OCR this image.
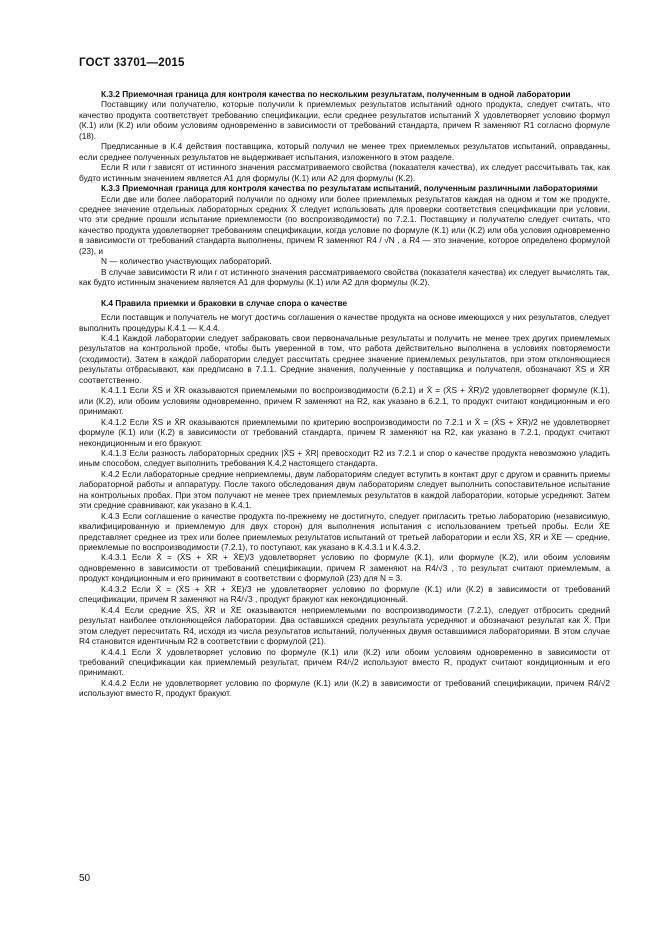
ГОСТ 33701—2015

К.3.2 Приемочная граница для контроля качества по нескольким результатам, полученным в одной лаборатории

Поставщику или получателю, которые получили k приемлемых результатов испытаний одного продукта, следует считать, что качество продукта соответствует требованию спецификации, если среднее результатов испытаний X̄ удовлетворяет условию формул (К.1) или (К.2) или обоим условиям одновременно в зависимости от требований стандарта, причем R заменяют R1 согласно формуле (18).

Предписанные в К.4 действия поставщика, который получил не менее трех приемлемых результатов испытаний, оправданны, если среднее полученных результатов не выдерживает испытания, изложенного в этом разделе.

Если R или r зависят от истинного значения рассматриваемого свойства (показателя качества), их следует рассчитывать так, как будто истинным значением является A1 для формулы (К.1) или A2 для формулы (К.2).

К.3.3 Приемочная граница для контроля качества по результатам испытаний, полученным различными лабораториями

Если две или более лабораторий получили по одному или более приемлемых результатов каждая на одном и том же продукте, среднее значение отдельных лабораторных средних X̄ следует использовать для проверки соответствия спецификации при условии, что эти средние прошли испытание приемлемости (по воспроизводимости) по 7.2.1. Поставщику и получателю следует считать, что качество продукта удовлетворяет требованиям спецификации, когда условие по формуле (К.1) или (К.2) или оба условия одновременно в зависимости от требований стандарта выполнены, причем R заменяют R4 / √N , а R4 — это значение, которое определено формулой (23), и

N — количество участвующих лабораторий.

В случае зависимости R или r от истинного значения рассматриваемого свойства (показателя качества) их следует вычислять так, как будто истинным значением является A1 для формулы (К.1) или A2 для формулы (К.2).

К.4 Правила приемки и браковки в случае спора о качестве

Если поставщик и получатель не могут достичь соглашения о качестве продукта на основе имеющихся у них результатов, следует выполнить процедуры К.4.1 — К.4.4.

К.4.1 Каждой лаборатории следует забраковать свои первоначальные результаты и получить не менее трех других приемлемых результатов на контрольной пробе, чтобы быть уверенной в том, что работа действительно выполнена в условиях повторяемости (сходимости). Затем в каждой лаборатории следует рассчитать среднее значение приемлемых результатов, при этом отклоняющиеся результаты отбрасывают, как предписано в 7.1.1. Средние значения, полученные у поставщика и получателя, обозначают X̄S и X̄R соответственно.

К.4.1.1 Если X̄S и X̄R оказываются приемлемыми по воспроизводимости (6.2.1) и X̄ = (X̄S + X̄R)/2 удовлетворяет формуле (К.1), или (К.2), или обоим условиям одновременно, причем R заменяют на R2, как указано в 6.2.1, то продукт считают кондиционным и его принимают.

К.4.1.2 Если X̄S и X̄R оказываются приемлемыми по критерию воспроизводимости по 7.2.1 и X̄ = (X̄S + X̄R)/2 не удовлетворяет формуле (К.1) или (К.2) в зависимости от требований стандарта, причем R заменяют на R2, как указано в 7.2.1, продукт считают некондиционным и его бракуют.

К.4.1.3 Если разность лабораторных средних |X̄S + X̄R| превосходит R2 из 7.2.1 и спор о качестве продукта невозможно уладить иным способом, следует выполнить требования К.4.2 настоящего стандарта.

К.4.2 Если лабораторные средние неприемлемы, двум лабораториям следует вступить в контакт друг с другом и сравнить приемы лабораторной работы и аппаратуру. После такого обследования двум лабораториям следует выполнить сопоставительное испытание на контрольных пробах. При этом получают не менее трех приемлемых результатов в каждой лаборатории, которые усредняют. Затем эти средние сравнивают, как указано в К.4.1.

К.4.3 Если соглашение о качестве продукта по-прежнему не достигнуто, следует пригласить третью лабораторию (независимую, квалифицированную и приемлемую для двух сторон) для выполнения испытания с использованием третьей пробы. Если X̄E представляет среднее из трех или более приемлемых результатов испытаний от третьей лаборатории и если X̄S, X̄R и X̄E — средние, приемлемые по воспроизводимости (7.2.1), то поступают, как указано в К.4.3.1 и К.4.3.2.

К.4.3.1 Если X̄ = (X̄S + X̄R + X̄E)/3 удовлетворяет условию по формуле (К.1), или формуле (К.2), или обоим условиям одновременно в зависимости от требований спецификации, причем R заменяют на R4/√3 , то результат считают приемлемым, а продукт кондиционным и его принимают в соответствии с формулой (23) для N = 3.

К.4.3.2 Если X̄ = (X̄S + X̄R + X̄E)/3 не удовлетворяет условию по формуле (К.1) или (К.2) в зависимости от требований спецификации, причем R заменяют на R4/√3 , продукт бракуют как некондиционный.

К.4.4 Если средние X̄S, X̄R и X̄E оказываются неприемлемыми по воспроизводимости (7.2.1), следует отбросить средний результат наиболее отклоняющейся лаборатории. Два оставшихся средних результата усредняют и обозначают результат как X̄. При этом следует пересчитать R4, исходя из числа результатов испытаний, полученных двумя оставшимися лабораториями. В этом случае R4 становится идентичным R2 в соответствии с формулой (21).

К.4.4.1 Если X̄ удовлетворяет условию по формуле (К.1) или (К.2) или обоим условиям одновременно в зависимости от требований спецификации как приемлемый результат, причем R4/√2 используют вместо R, продукт считают кондиционным и его принимают.

К.4.4.2 Если не удовлетворяет условию по формуле (К.1) или (К.2) в зависимости от требований спецификации, причем R4/√2 используют вместо R, продукт бракуют.

50
